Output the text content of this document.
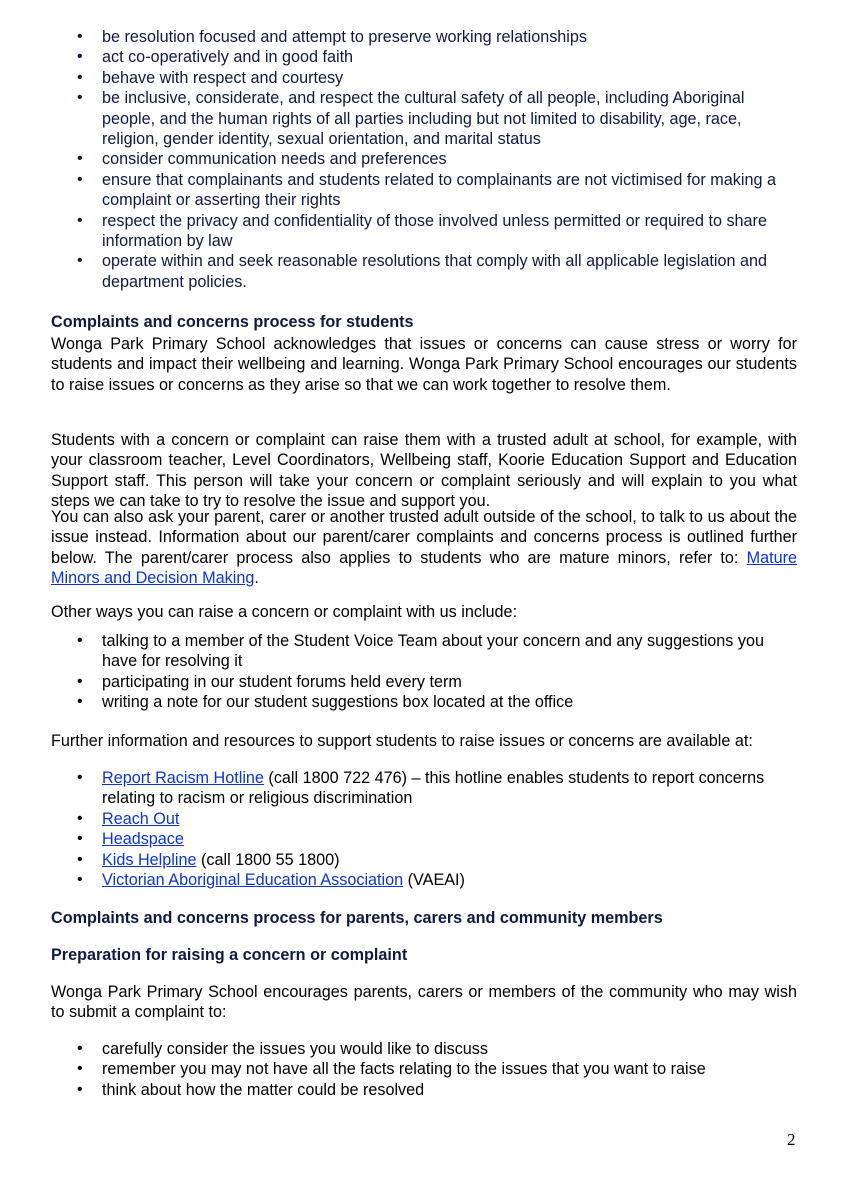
• be resolution focused and attempt to preserve working relationships
• act co-operatively and in good faith
• behave with respect and courtesy
• be inclusive, considerate, and respect the cultural safety of all people, including Aboriginal people, and the human rights of all parties including but not limited to disability, age, race, religion, gender identity, sexual orientation, and marital status
• consider communication needs and preferences
• ensure that complainants and students related to complainants are not victimised for making a complaint or asserting their rights
• respect the privacy and confidentiality of those involved unless permitted or required to share information by law
• operate within and seek reasonable resolutions that comply with all applicable legislation and department policies.
Complaints and concerns process for students
Wonga Park Primary School acknowledges that issues or concerns can cause stress or worry for students and impact their wellbeing and learning. Wonga Park Primary School encourages our students to raise issues or concerns as they arise so that we can work together to resolve them.
Students with a concern or complaint can raise them with a trusted adult at school, for example, with your classroom teacher, Level Coordinators, Wellbeing staff, Koorie Education Support and Education Support staff. This person will take your concern or complaint seriously and will explain to you what steps we can take to try to resolve the issue and support you.
You can also ask your parent, carer or another trusted adult outside of the school, to talk to us about the issue instead. Information about our parent/carer complaints and concerns process is outlined further below. The parent/carer process also applies to students who are mature minors, refer to: Mature Minors and Decision Making.
Other ways you can raise a concern or complaint with us include:
• talking to a member of the Student Voice Team about your concern and any suggestions you have for resolving it
• participating in our student forums held every term
• writing a note for our student suggestions box located at the office
Further information and resources to support students to raise issues or concerns are available at:
• Report Racism Hotline (call 1800 722 476) – this hotline enables students to report concerns relating to racism or religious discrimination
• Reach Out
• Headspace
• Kids Helpline (call 1800 55 1800)
• Victorian Aboriginal Education Association (VAEAI)
Complaints and concerns process for parents, carers and community members
Preparation for raising a concern or complaint
Wonga Park Primary School encourages parents, carers or members of the community who may wish to submit a complaint to:
• carefully consider the issues you would like to discuss
• remember you may not have all the facts relating to the issues that you want to raise
• think about how the matter could be resolved
2
